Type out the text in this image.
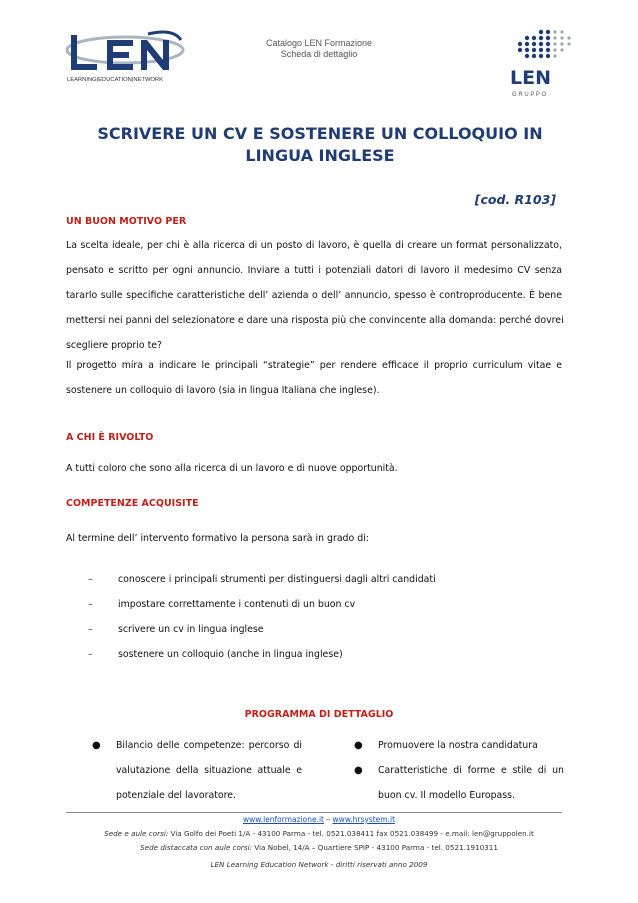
Catalogo LEN Formazione
Scheda di dettaglio
LEARNING|EDUCATION|NETWORK	LEN
G R U P P O
SCRIVERE UN CV E SOSTENERE UN COLLOQUIO IN
LINGUA INGLESE
[cod. R103]
UN BUON MOTIVO PER
La scelta ideale, per chi è alla ricerca di un posto di lavoro, è quella di creare un format personalizzato,
pensato e scritto per ogni annuncio. Inviare a tutti i potenziali datori di lavoro il medesimo CV senza
tararlo sulle specifiche caratteristiche dell’ azienda o dell’ annuncio, spesso è controproducente. È bene
mettersi nei panni del selezionatore e dare una risposta più che convincente alla domanda: perché dovrei
scegliere proprio te?
Il progetto mira a indicare le principali “strategie” per rendere efficace il proprio curriculum vitae e
sostenere un colloquio di lavoro (sia in lingua Italiana che inglese).
A CHI È RIVOLTO
A tutti coloro che sono alla ricerca di un lavoro e di nuove opportunità.
COMPETENZE ACQUISITE
Al termine dell’ intervento formativo la persona sarà in grado di:
–	conoscere i principali strumenti per distinguersi dagli altri candidati
–	impostare correttamente i contenuti di un buon cv
–	scrivere un cv in lingua inglese
–	sostenere un colloquio (anche in lingua inglese)
PROGRAMMA DI DETTAGLIO
●	Bilancio delle competenze: percorso di
valutazione della situazione attuale e
potenziale del lavoratore.
●	Promuovere la nostra candidatura
●	Caratteristiche di forme e stile di un
buon cv. Il modello Europass.
www.lenformazione.it – www.hrsystem.it
Sede e aule corsi: Via Golfo dei Poeti 1/A - 43100 Parma - tel. 0521.038411 fax 0521.038499 - e.mail: len@gruppolen.it
Sede distaccata con aule corsi: Via Nobel, 14/A – Quartiere SPIP - 43100 Parma - tel. 0521.1910311
LEN Learning Education Network - diritti riservati anno 2009
